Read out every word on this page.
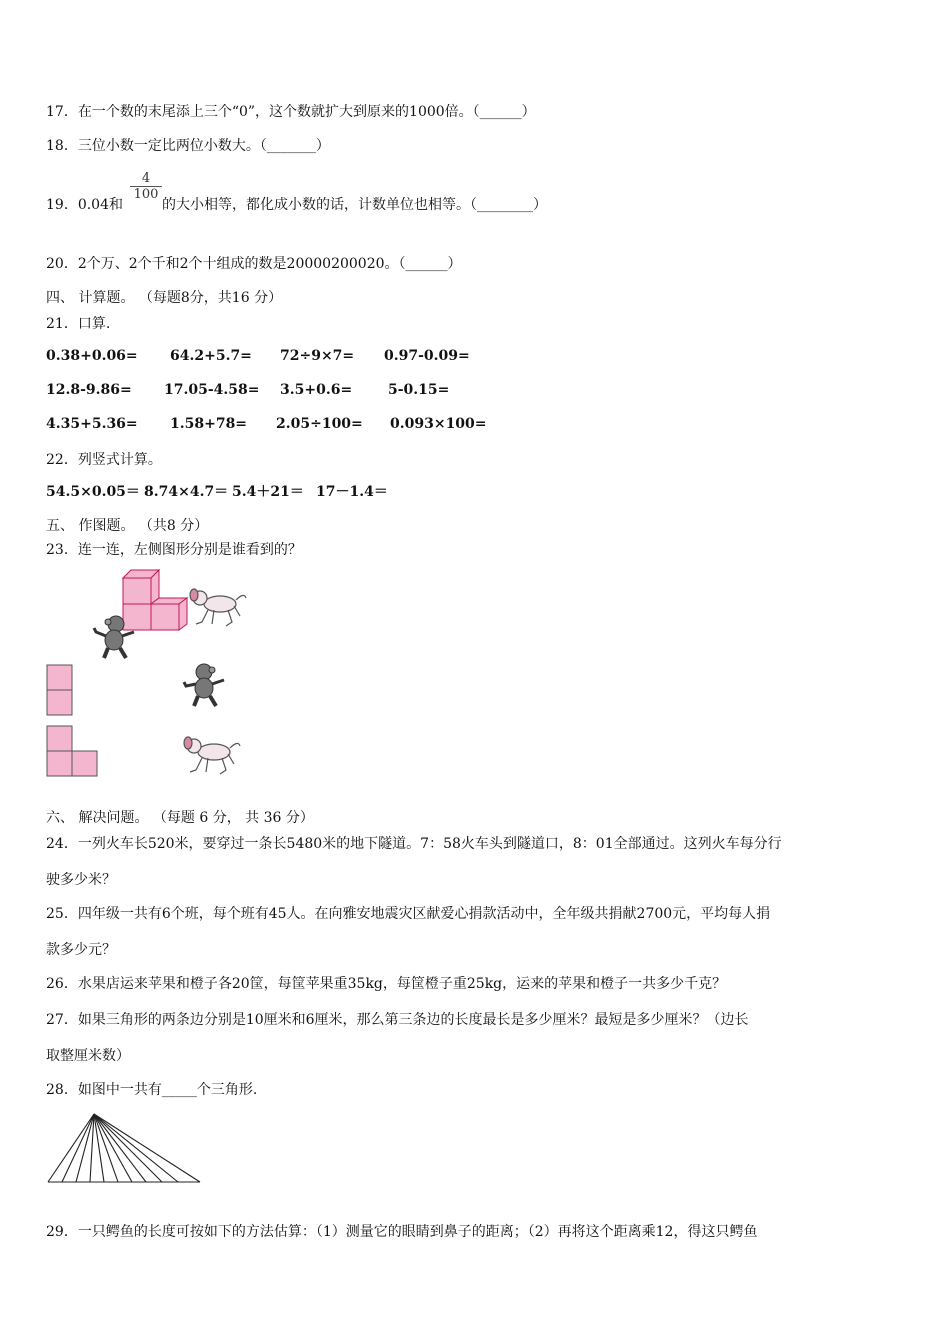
17．在一个数的末尾添上三个“0”，这个数就扩大到原来的1000倍。（______）
18．三位小数一定比两位小数大。（_______）
19．0.04和
$\frac{4}{100}$
的大小相等，都化成小数的话，计数单位也相等。（________）
20．2个万、2个千和2个十组成的数是20000200020。（______）
四、 计算题。 （每题8分，共16 分）
21．口算.
0.38+0.06= 64.2+5.7= 72÷9×7= 0.97-0.09=
12.8-9.86= 17.05-4.58= 3.5+0.6=	5-0.15=
4.35+5.36= 1.58+78= 2.05÷100= 0.093×100=
22．列竖式计算。
54.5×0.05＝ 8.74×4.7＝ 5.4＋21＝ 17－1.4＝
五、 作图题。 （共8 分）
23．连一连，左侧图形分别是谁看到的？
六、 解决问题。 （每题 6 分， 共 36 分）
24．一列火车长520米，要穿过一条长5480米的地下隧道。7：58火车头到隧道口，8：01全部通过。这列火车每分行
驶多少米？
25．四年级一共有6个班，每个班有45人。在向雅安地震灾区献爱心捐款活动中，全年级共捐献2700元，平均每人捐
款多少元？
26．水果店运来苹果和橙子各20筐，每筐苹果重35kg，每筐橙子重25kg，运来的苹果和橙子一共多少千克？
27．如果三角形的两条边分别是10厘米和6厘米，那么第三条边的长度最长是多少厘米？最短是多少厘米？（边长
取整厘米数）
28．如图中一共有_____个三角形.
29．一只鳄鱼的长度可按如下的方法估算：（1）测量它的眼睛到鼻子的距离；（2）再将这个距离乘12，得这只鳄鱼
